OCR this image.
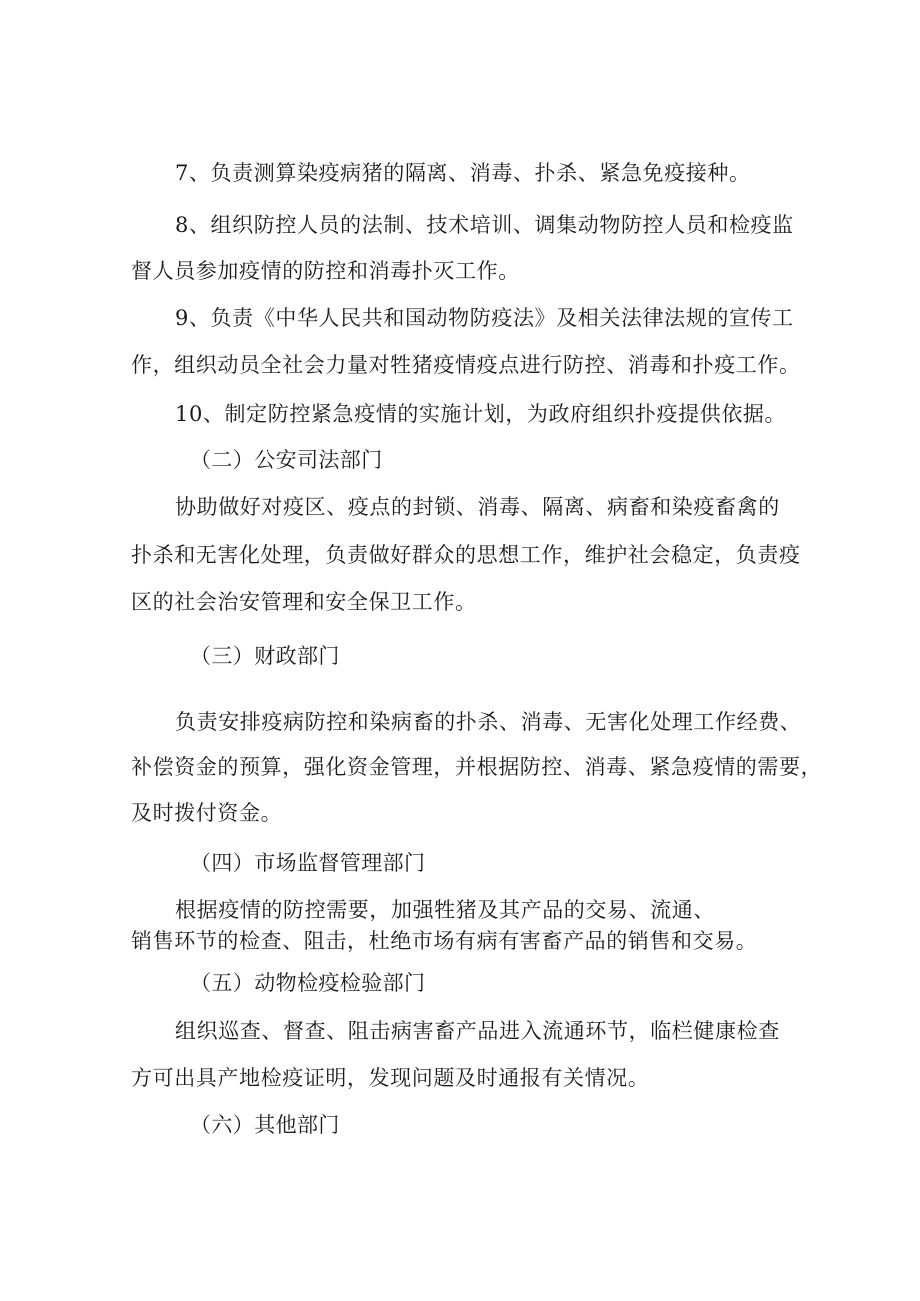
7、负责测算染疫病猪的隔离、消毒、扑杀、紧急免疫接种。
8、组织防控人员的法制、技术培训、调集动物防控人员和检疫监
督人员参加疫情的防控和消毒扑灭工作。
9、负责《中华人民共和国动物防疫法》及相关法律法规的宣传工
作，组织动员全社会力量对牲猪疫情疫点进行防控、消毒和扑疫工作。
10、制定防控紧急疫情的实施计划，为政府组织扑疫提供依据。
（二）公安司法部门
协助做好对疫区、疫点的封锁、消毒、隔离、病畜和染疫畜禽的
扑杀和无害化处理，负责做好群众的思想工作，维护社会稳定，负责疫
区的社会治安管理和安全保卫工作。
（三）财政部门
负责安排疫病防控和染病畜的扑杀、消毒、无害化处理工作经费、
补偿资金的预算，强化资金管理，并根据防控、消毒、紧急疫情的需要，
及时拨付资金。
（四）市场监督管理部门
根据疫情的防控需要，加强牲猪及其产品的交易、流通、
销售环节的检查、阻击，杜绝市场有病有害畜产品的销售和交易。
（五）动物检疫检验部门
组织巡查、督查、阻击病害畜产品进入流通环节，临栏健康检查
方可出具产地检疫证明，发现问题及时通报有关情况。
（六）其他部门
